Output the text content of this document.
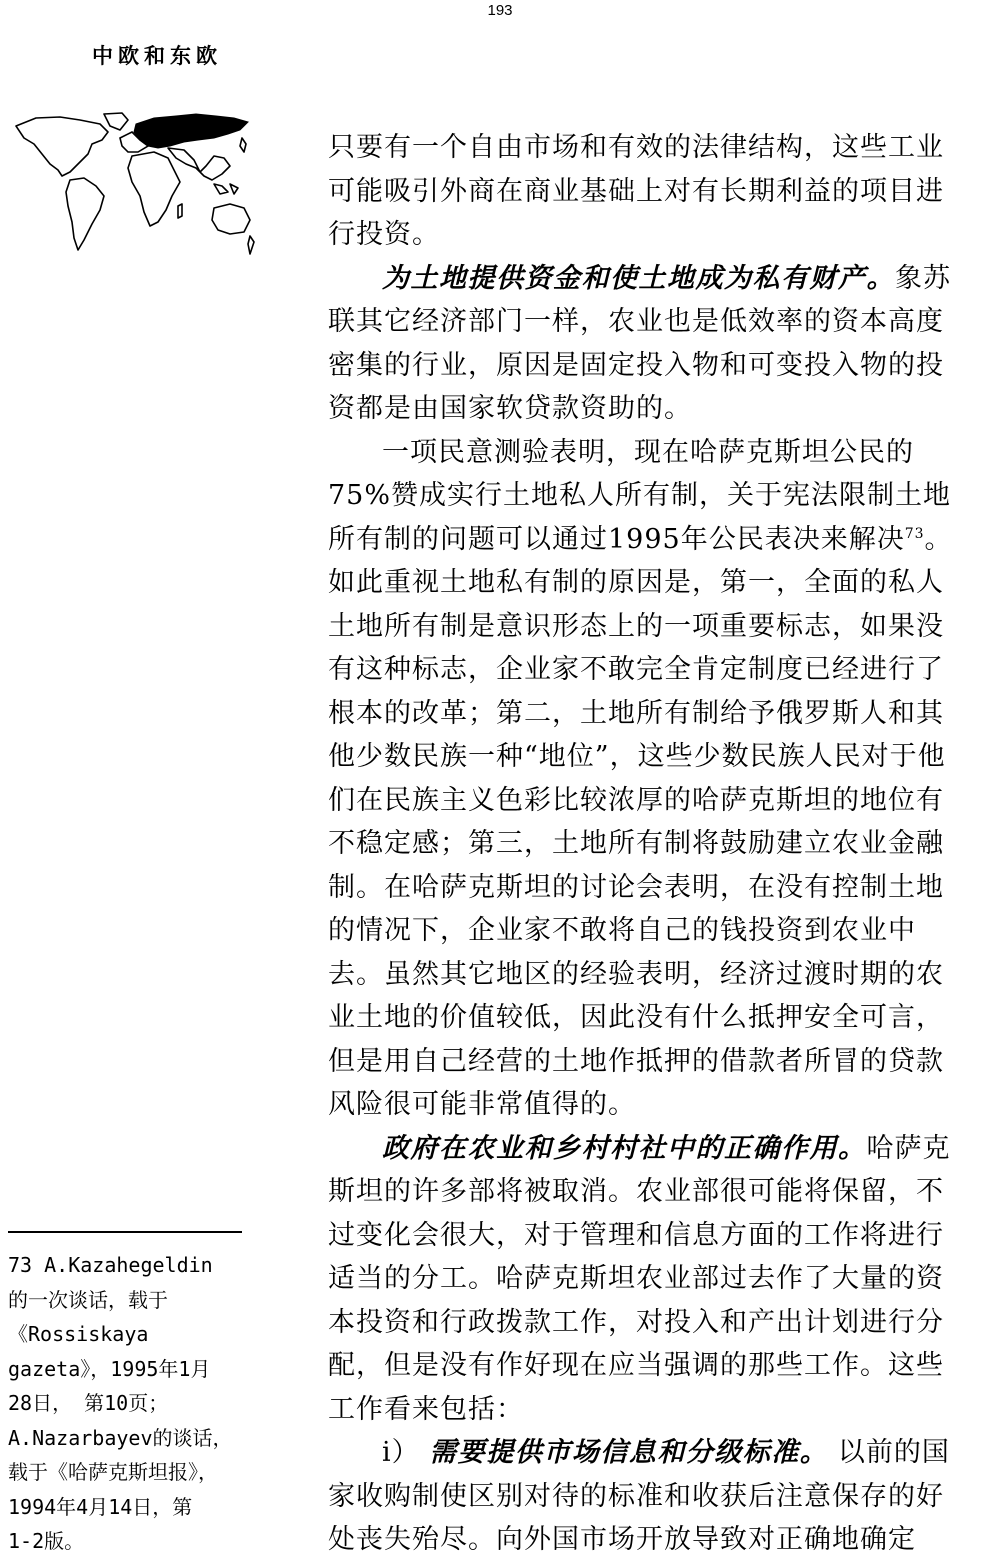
193
中欧和东欧

只要有一个自由市场和有效的法律结构，这些工业可能吸引外商在商业基础上对有长期利益的项目进行投资。

为土地提供资金和使土地成为私有财产。象苏联其它经济部门一样，农业也是低效率的资本高度密集的行业，原因是固定投入物和可变投入物的投资都是由国家软贷款资助的。

一项民意测验表明，现在哈萨克斯坦公民的75%赞成实行土地私人所有制，关于宪法限制土地所有制的问题可以通过1995年公民表决来解决$^{73}$。如此重视土地私有制的原因是，第一，全面的私人土地所有制是意识形态上的一项重要标志，如果没有这种标志，企业家不敢完全肯定制度已经进行了根本的改革；第二，土地所有制给予俄罗斯人和其他少数民族一种“地位”，这些少数民族人民对于他们在民族主义色彩比较浓厚的哈萨克斯坦的地位有不稳定感；第三，土地所有制将鼓励建立农业金融制。在哈萨克斯坦的讨论会表明，在没有控制土地的情况下，企业家不敢将自己的钱投资到农业中去。虽然其它地区的经验表明，经济过渡时期的农业土地的价值较低，因此没有什么抵押安全可言，但是用自己经营的土地作抵押的借款者所冒的贷款风险很可能非常值得的。

政府在农业和乡村村社中的正确作用。哈萨克斯坦的许多部将被取消。农业部很可能将保留，不过变化会很大，对于管理和信息方面的工作将进行适当的分工。哈萨克斯坦农业部过去作了大量的资本投资和行政拨款工作，对投入和产出计划进行分配，但是没有作好现在应当强调的那些工作。这些工作看来包括：

i） 需要提供市场信息和分级标准。 以前的国家收购制使区别对待的标准和收获后注意保存的好处丧失殆尽。向外国市场开放导致对正确地确定

73 A.Kazahegeldin

的一次谈话，载于

《Rossiskaya

gazeta》，1995年1月

28日， 第10页；

A.Nazarbayev的谈话，

载于《哈萨克斯坦报》，

1994年4月14日，第

1-2版。
